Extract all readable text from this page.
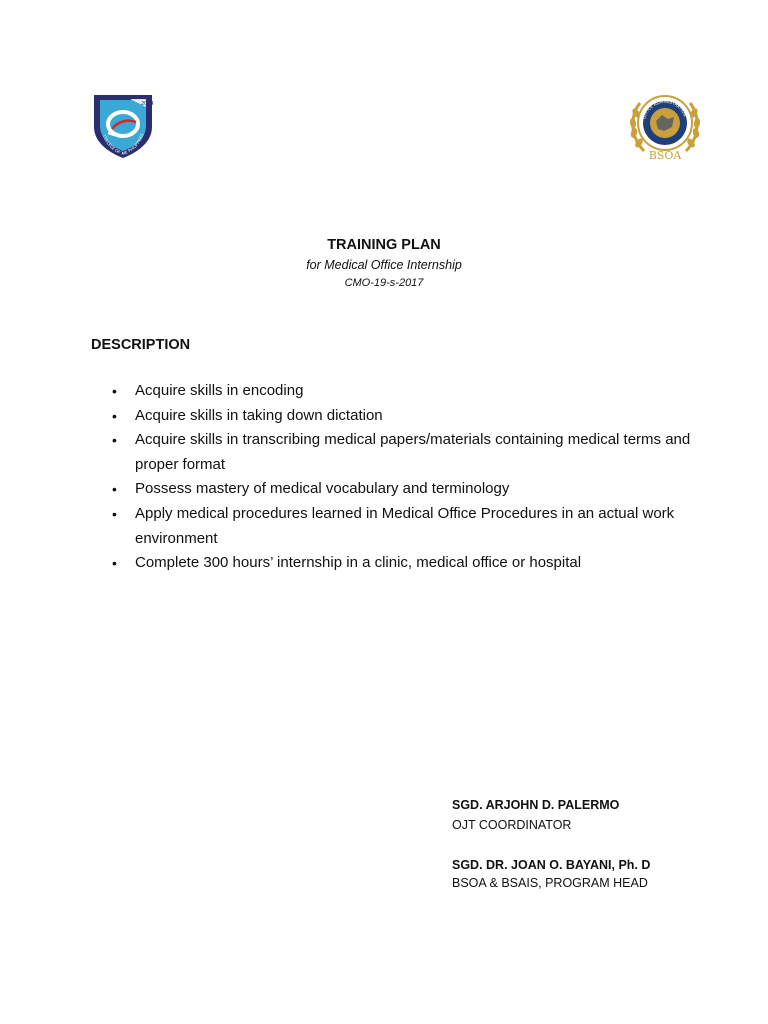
2004
COLLEGE OF THE PHILIPPINES
OFFICE ADMINISTRATION
BSOA

TRAINING PLAN

for Medical Office Internship

CMO-19-s-2017

DESCRIPTION

• Acquire skills in encoding
• Acquire skills in taking down dictation
• Acquire skills in transcribing medical papers/materials containing medical terms and proper format
• Possess mastery of medical vocabulary and terminology
• Apply medical procedures learned in Medical Office Procedures in an actual work environment
• Complete 300 hours’ internship in a clinic, medical office or hospital

SGD. ARJOHN D. PALERMO

OJT COORDINATOR

SGD. DR. JOAN O. BAYANI, Ph. D

BSOA & BSAIS, PROGRAM HEAD
